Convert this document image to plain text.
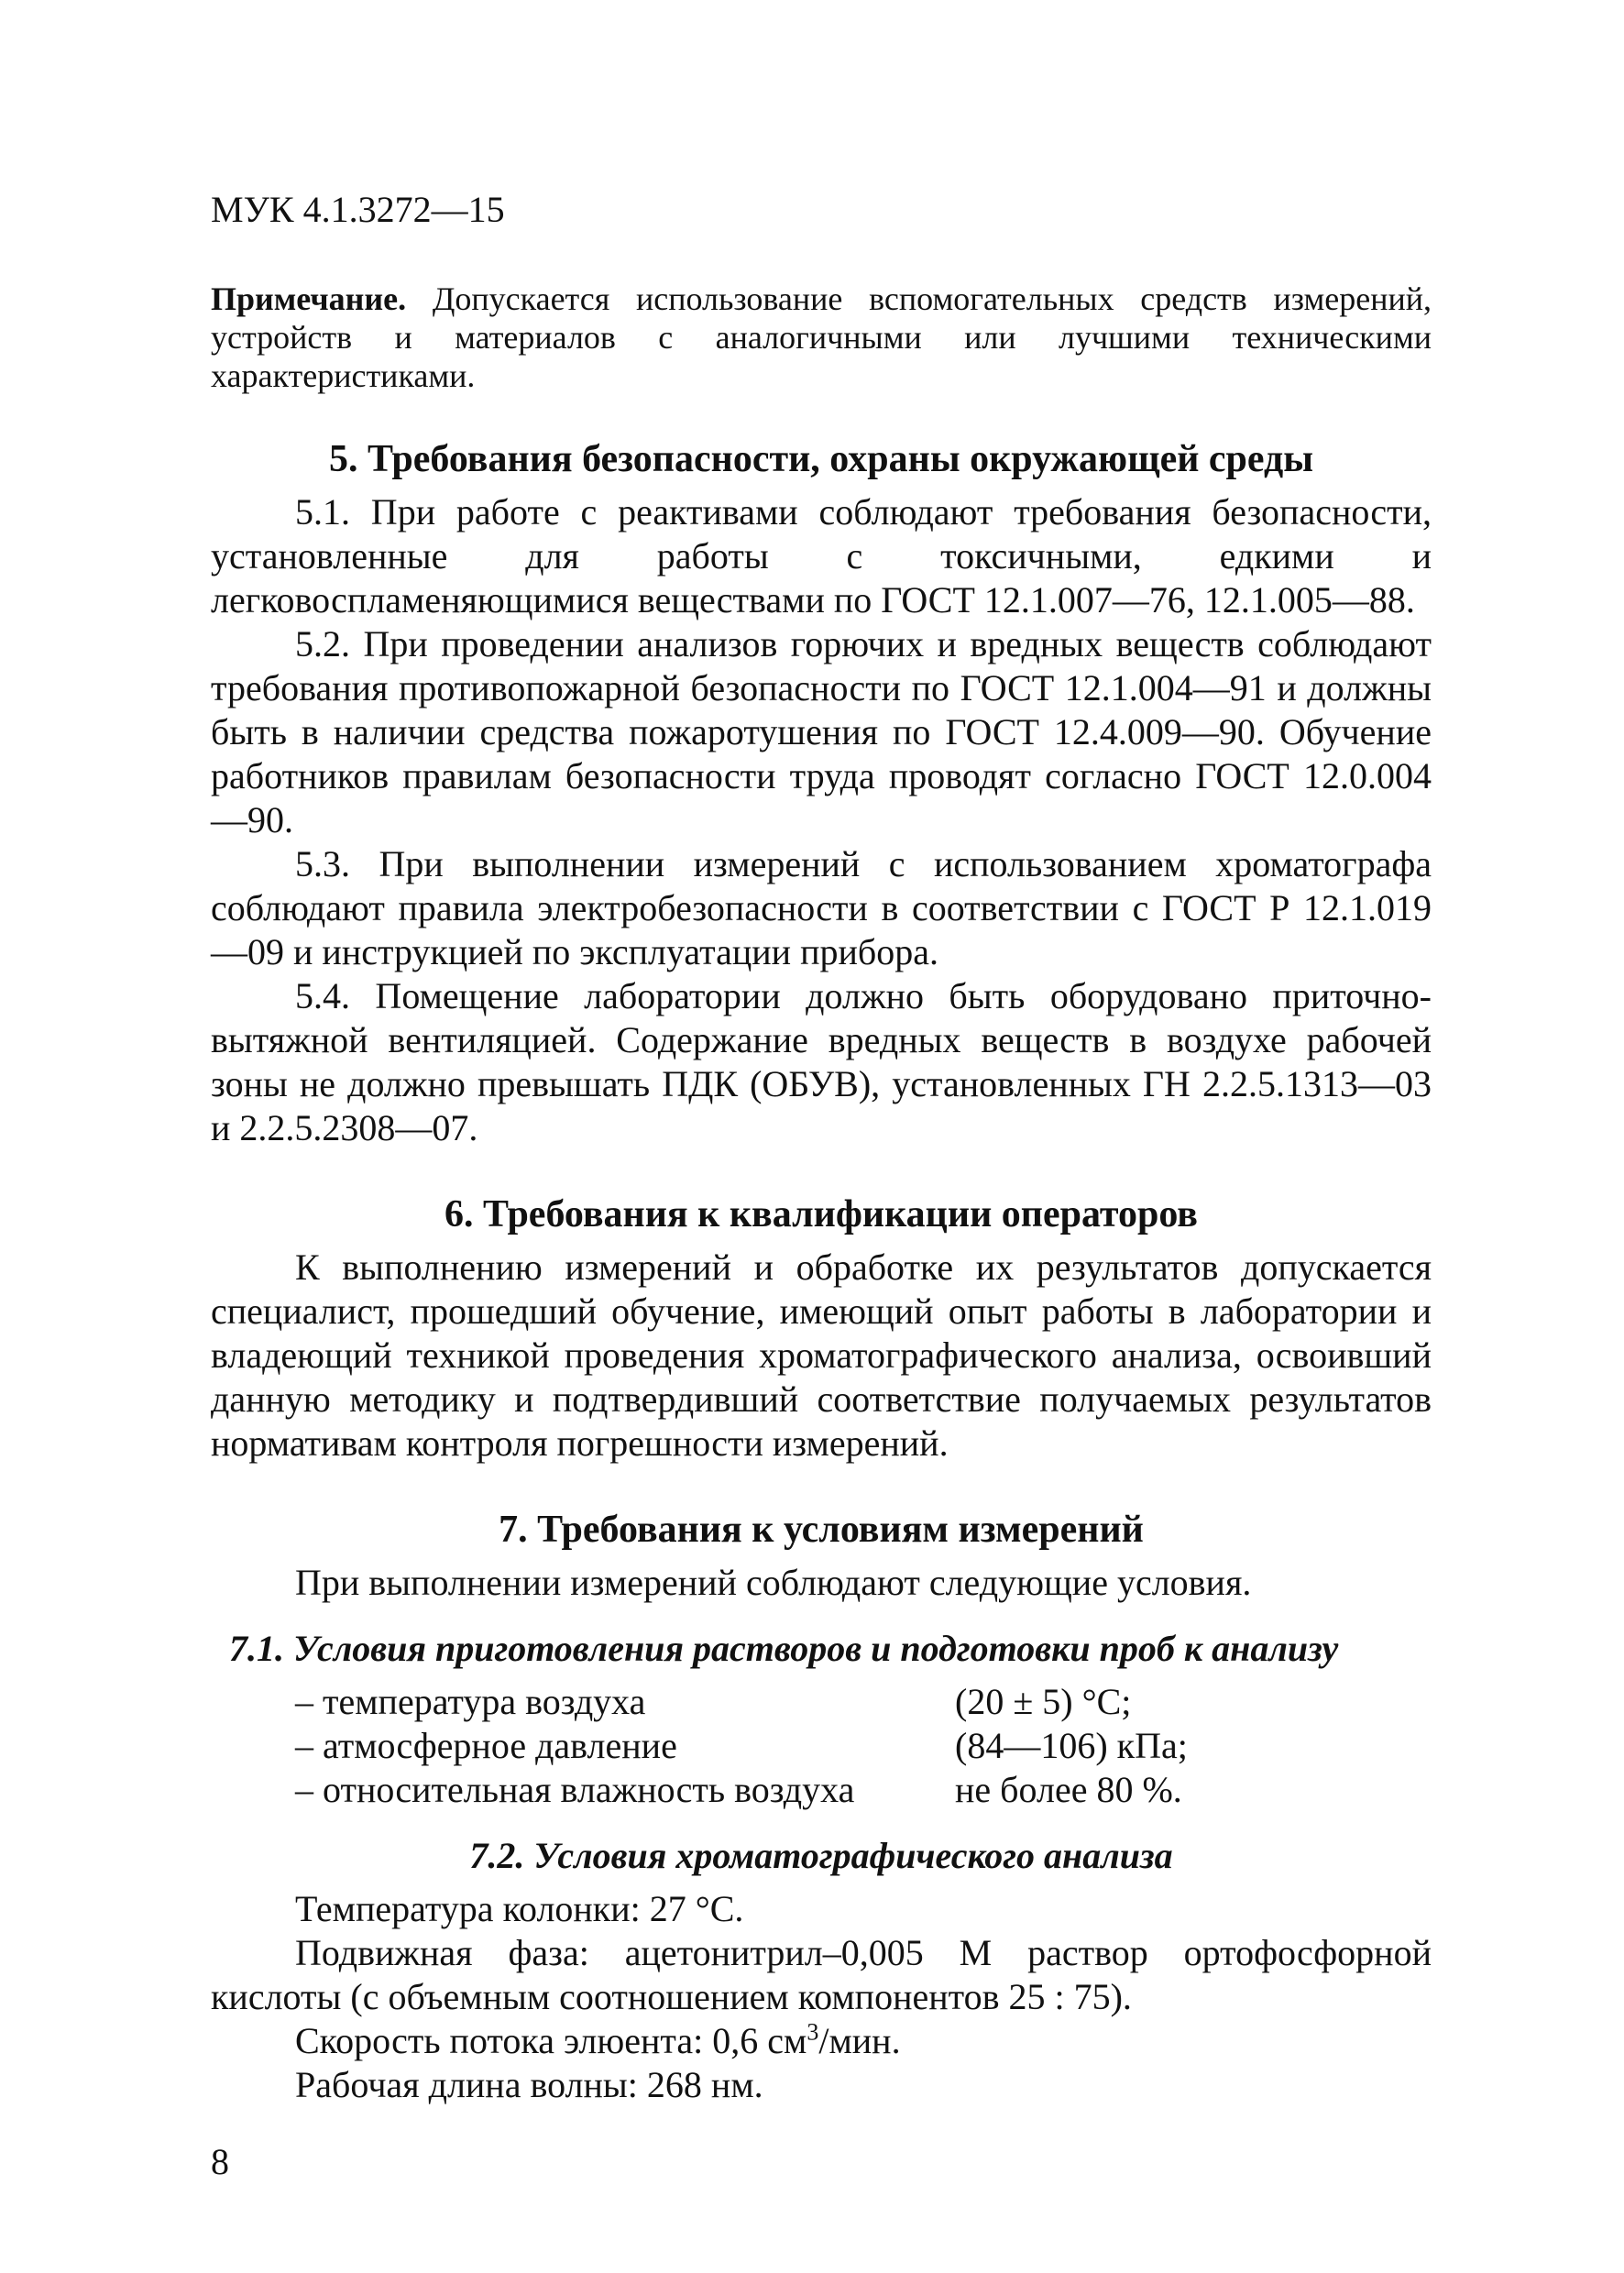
МУК 4.1.3272—15

Примечание. Допускается использование вспомогательных средств измерений, устройств и материалов с аналогичными или лучшими техническими характеристиками.

5. Требования безопасности, охраны окружающей среды

5.1. При работе с реактивами соблюдают требования безопасности, установленные для работы с токсичными, едкими и легковоспламеняющимися веществами по ГОСТ 12.1.007—76, 12.1.005—88.

5.2. При проведении анализов горючих и вредных веществ соблюдают требования противопожарной безопасности по ГОСТ 12.1.004—91 и должны быть в наличии средства пожаротушения по ГОСТ 12.4.009—90. Обучение работников правилам безопасности труда проводят согласно ГОСТ 12.0.004—90.

5.3. При выполнении измерений с использованием хроматографа соблюдают правила электробезопасности в соответствии с ГОСТ Р 12.1.019—09 и инструкцией по эксплуатации прибора.

5.4. Помещение лаборатории должно быть оборудовано приточно-вытяжной вентиляцией. Содержание вредных веществ в воздухе рабочей зоны не должно превышать ПДК (ОБУВ), установленных ГН 2.2.5.1313—03 и 2.2.5.2308—07.

6. Требования к квалификации операторов

К выполнению измерений и обработке их результатов допускается специалист, прошедший обучение, имеющий опыт работы в лаборатории и владеющий техникой проведения хроматографического анализа, освоивший данную методику и подтвердивший соответствие получаемых результатов нормативам контроля погрешности измерений.

7. Требования к условиям измерений

При выполнении измерений соблюдают следующие условия.

7.1. Условия приготовления растворов и подготовки проб к анализу
– температура воздуха	(20 ± 5) °С;
– атмосферное давление	(84—106) кПа;
– относительная влажность воздуха	не более 80 %.
7.2. Условия хроматографического анализа

Температура колонки: 27 °С.

Подвижная фаза: ацетонитрил–0,005 М раствор ортофосфорной кислоты (с объемным соотношением компонентов 25 : 75).

Скорость потока элюента: 0,6 $см^3$/мин.

Рабочая длина волны: 268 нм.

8
